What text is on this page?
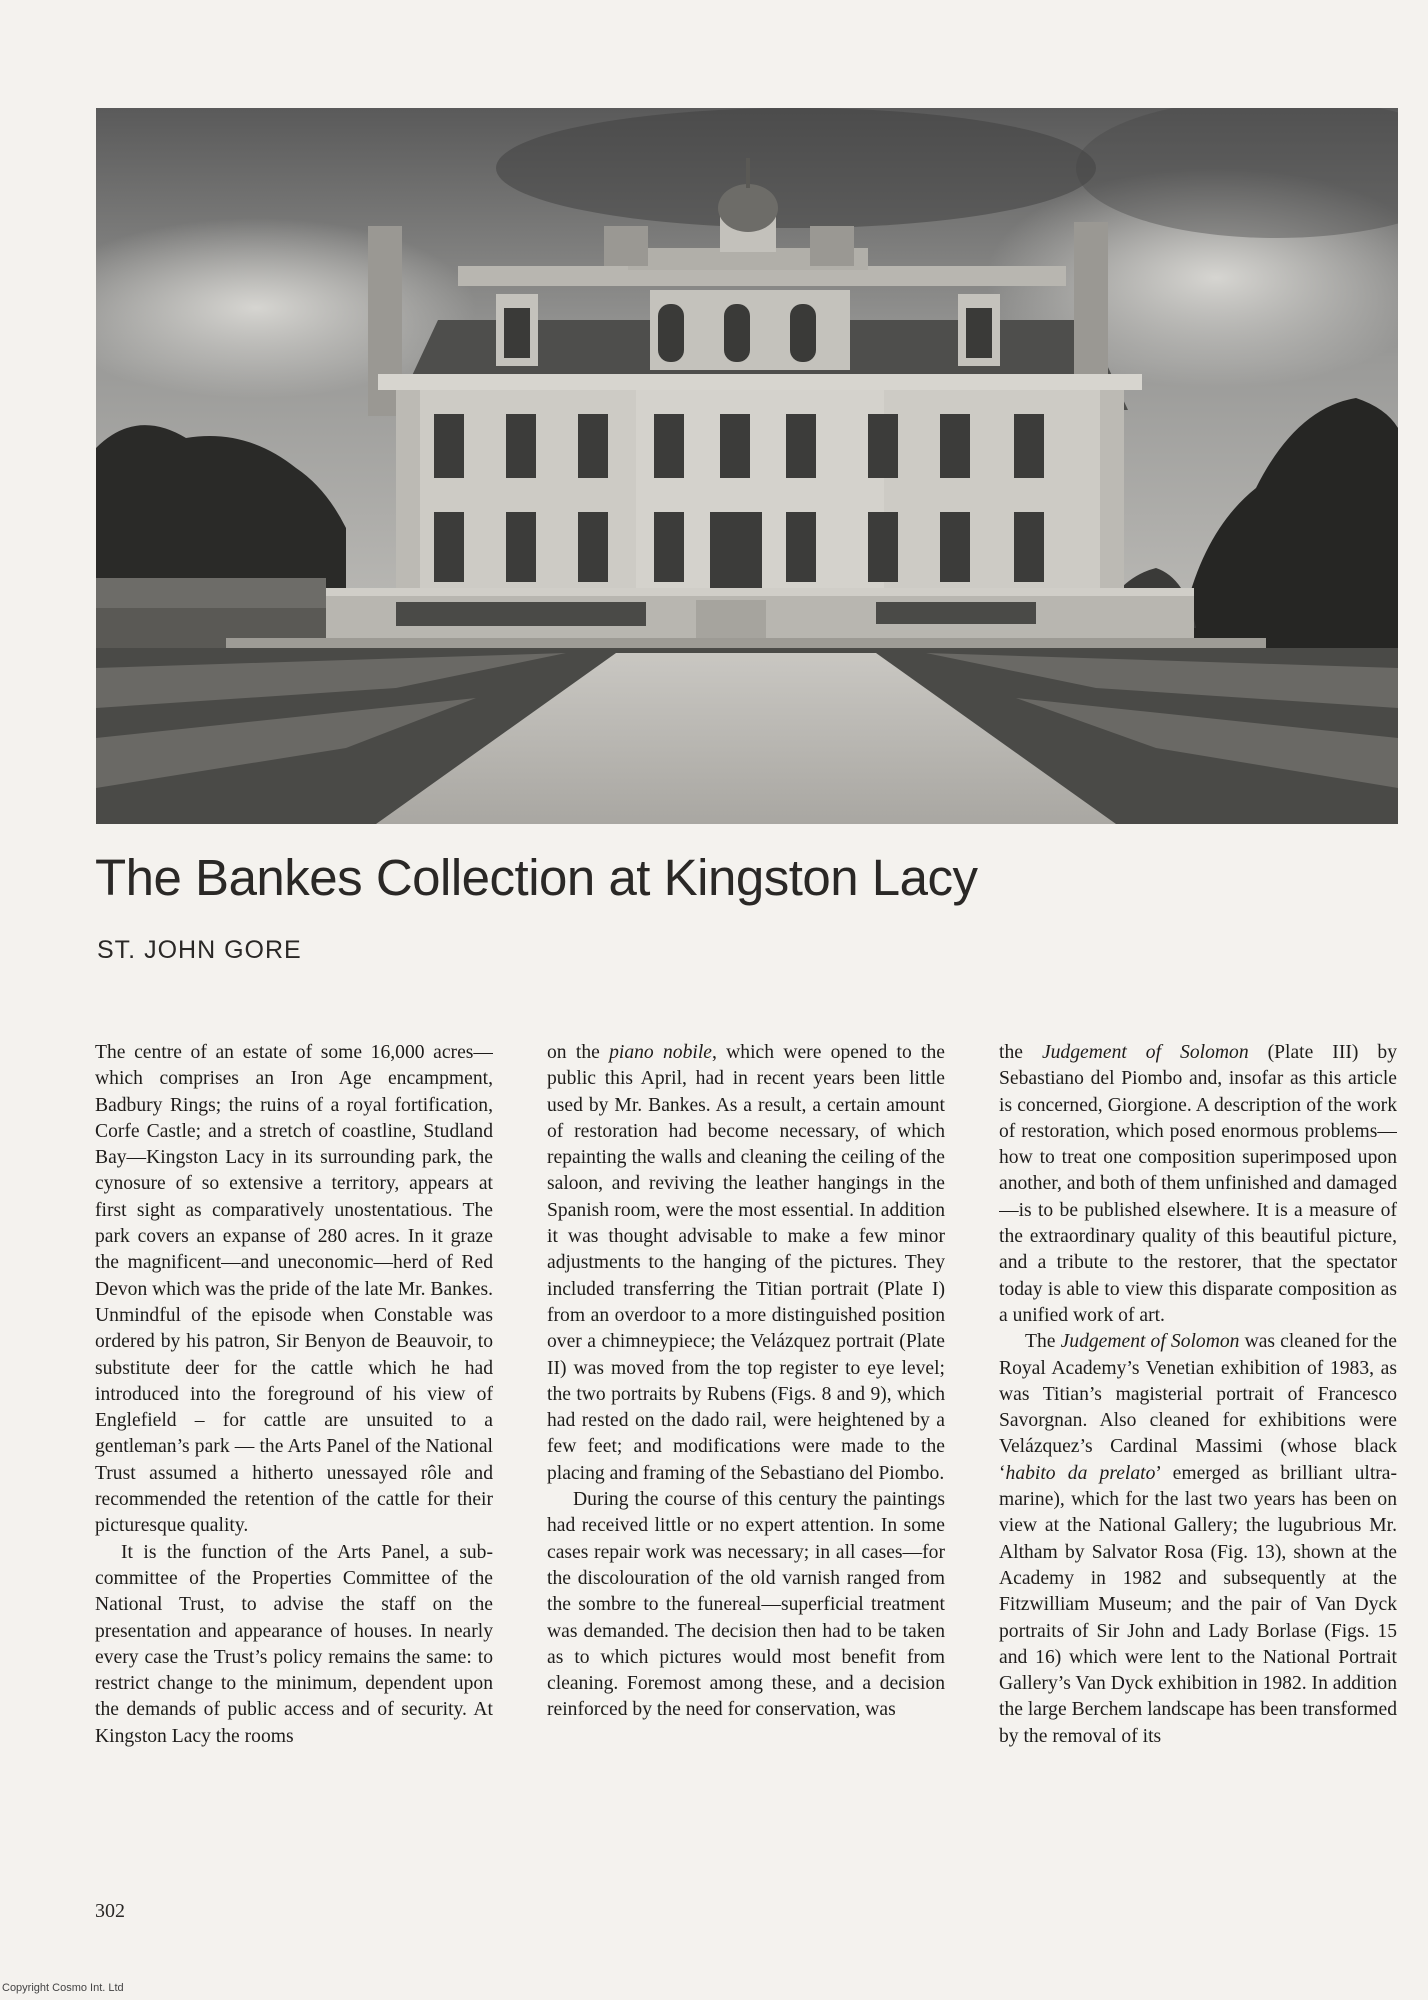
The Bankes Collection at Kingston Lacy
ST. JOHN GORE

The centre of an estate of some 16,000 acres—which comprises an Iron Age encampment, Badbury Rings; the ruins of a royal fortification, Corfe Castle; and a stretch of coastline, Studland Bay—Kingston Lacy in its surrounding park, the cynosure of so extensive a territory, appears at first sight as comparatively unostentatious. The park covers an expanse of 280 acres. In it graze the magnificent—and uneconomic—herd of Red Devon which was the pride of the late Mr. Bankes. Unmindful of the episode when Constable was ordered by his patron, Sir Benyon de Beauvoir, to substitute deer for the cattle which he had introduced into the foreground of his view of Englefield – for cattle are unsuited to a gentleman’s park — the Arts Panel of the National Trust assumed a hitherto unessayed rôle and recommended the retention of the cattle for their picturesque quality.

It is the function of the Arts Panel, a sub-committee of the Properties Committee of the National Trust, to advise the staff on the presentation and appearance of houses. In nearly every case the Trust’s policy remains the same: to restrict change to the minimum, dependent upon the demands of public access and of security. At Kingston Lacy the rooms

on the piano nobile, which were opened to the public this April, had in recent years been little used by Mr. Bankes. As a result, a certain amount of restoration had become necessary, of which repainting the walls and cleaning the ceiling of the saloon, and reviving the leather hangings in the Spanish room, were the most essential. In addition it was thought advisable to make a few minor adjustments to the hanging of the pictures. They included transferring the Titian portrait (Plate I) from an overdoor to a more distinguished position over a chimneypiece; the Velázquez portrait (Plate II) was moved from the top register to eye level; the two portraits by Rubens (Figs. 8 and 9), which had rested on the dado rail, were heightened by a few feet; and modifications were made to the placing and framing of the Sebastiano del Piombo.

During the course of this century the paintings had received little or no expert attention. In some cases repair work was necessary; in all cases—for the discolouration of the old varnish ranged from the sombre to the funereal—superficial treatment was demanded. The decision then had to be taken as to which pictures would most benefit from cleaning. Foremost among these, and a decision reinforced by the need for conservation, was

the Judgement of Solomon (Plate III) by Sebastiano del Piombo and, insofar as this article is concerned, Giorgione. A description of the work of restoration, which posed enormous problems—how to treat one composition superimposed upon another, and both of them unfinished and damaged—is to be published elsewhere. It is a measure of the extraordinary quality of this beautiful picture, and a tribute to the restorer, that the spectator today is able to view this disparate composition as a unified work of art.

The Judgement of Solomon was cleaned for the Royal Academy’s Venetian exhibition of 1983, as was Titian’s magisterial portrait of Francesco Savorgnan. Also cleaned for exhibitions were Velázquez’s Cardinal Massimi (whose black ‘habito da prelato’ emerged as brilliant ultra-marine), which for the last two years has been on view at the National Gallery; the lugubrious Mr. Altham by Salvator Rosa (Fig. 13), shown at the Academy in 1982 and subsequently at the Fitzwilliam Museum; and the pair of Van Dyck portraits of Sir John and Lady Borlase (Figs. 15 and 16) which were lent to the National Portrait Gallery’s Van Dyck exhibition in 1982. In addition the large Berchem landscape has been transformed by the removal of its

302
Copyright Cosmo Int. Ltd
